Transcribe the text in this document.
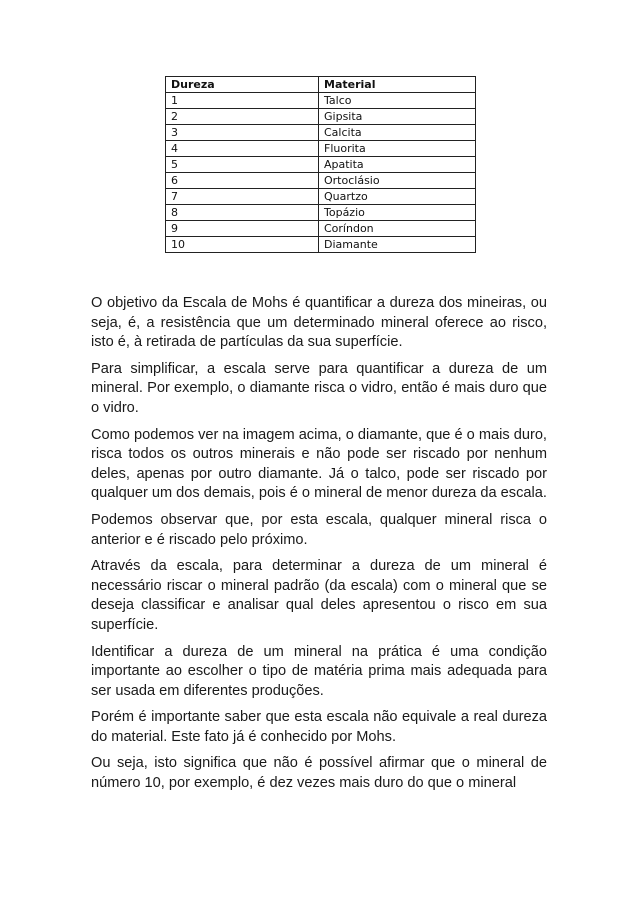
Dureza	Material
1	Talco
2	Gipsita
3	Calcita
4	Fluorita
5	Apatita
6	Ortoclásio
7	Quartzo
8	Topázio
9	Coríndon
10	Diamante

O objetivo da Escala de Mohs é quantificar a dureza dos mineiras, ou seja, é, a resistência que um determinado mineral oferece ao risco, isto é, à retirada de partículas da sua superfície.

Para simplificar, a escala serve para quantificar a dureza de um mineral. Por exemplo, o diamante risca o vidro, então é mais duro que o vidro.

Como podemos ver na imagem acima, o diamante, que é o mais duro, risca todos os outros minerais e não pode ser riscado por nenhum deles, apenas por outro diamante. Já o talco, pode ser riscado por qualquer um dos demais, pois é o mineral de menor dureza da escala.

Podemos observar que, por esta escala, qualquer mineral risca o anterior e é riscado pelo próximo.

Através da escala, para determinar a dureza de um mineral é necessário riscar o mineral padrão (da escala) com o mineral que se deseja classificar e analisar qual deles apresentou o risco em sua superfície.

Identificar a dureza de um mineral na prática é uma condição importante ao escolher o tipo de matéria prima mais adequada para ser usada em diferentes produções.

Porém é importante saber que esta escala não equivale a real dureza do material. Este fato já é conhecido por Mohs.

Ou seja, isto significa que não é possível afirmar que o mineral de número 10, por exemplo, é dez vezes mais duro do que o mineral
